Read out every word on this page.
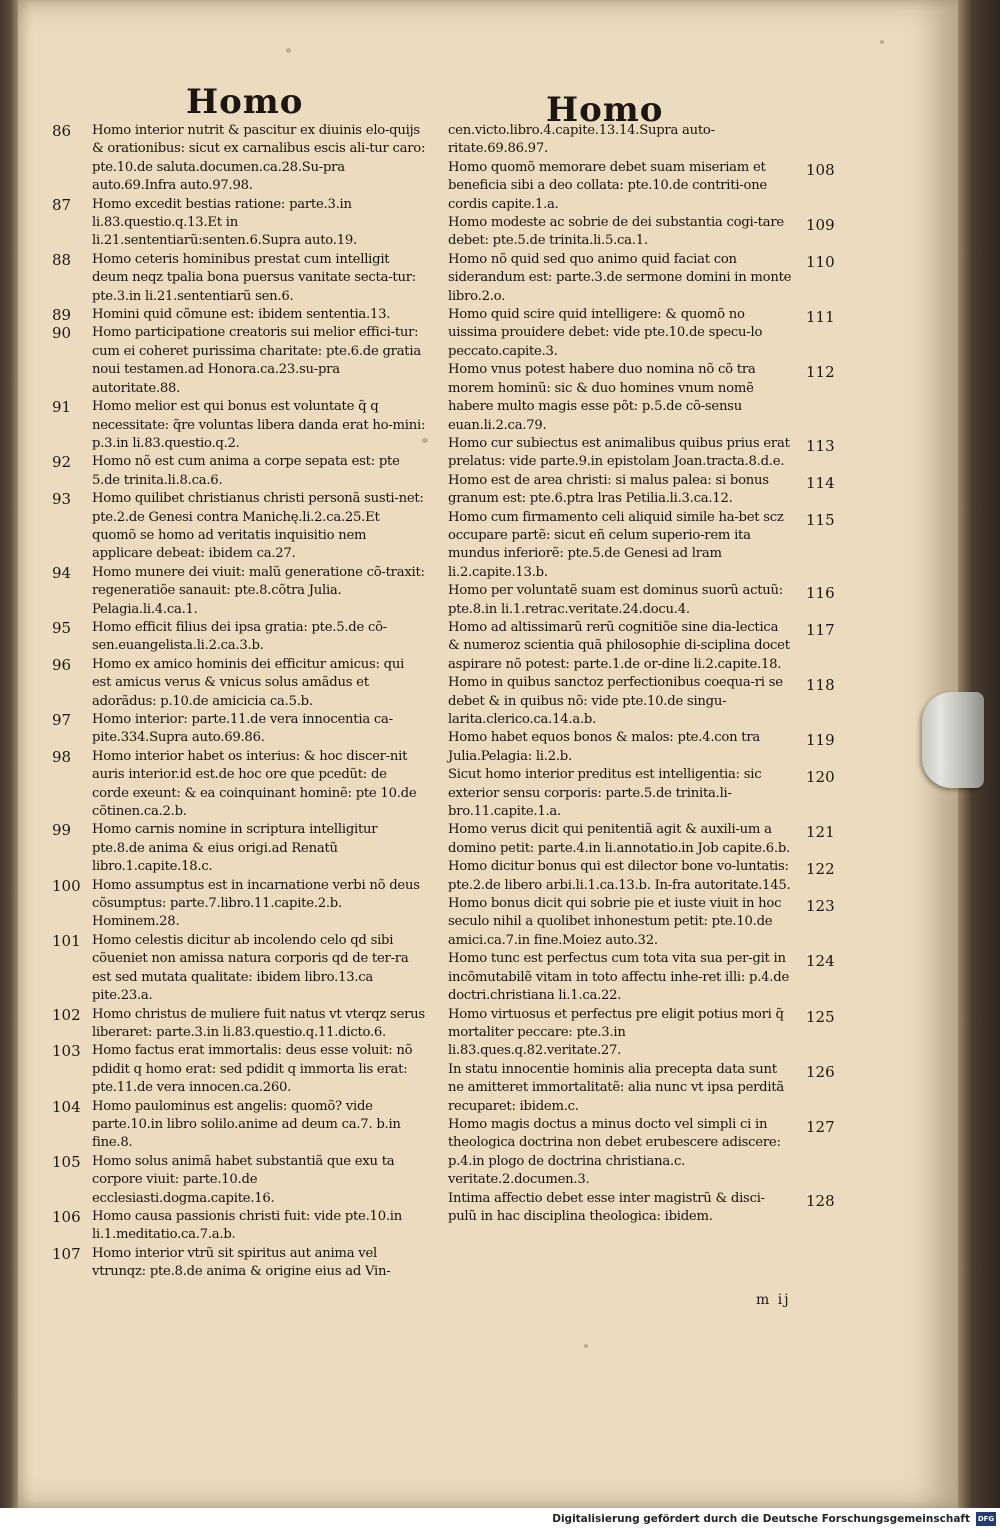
Homo	Homo
86 Homo interior nutrit & pascitur ex diuinis elo-quijs & orationibus: sicut ex carnalibus escis ali-tur caro: pte.10.de saluta.documen.ca.28.Su-pra auto.69.Infra auto.97.98.
87 Homo excedit bestias ratione: parte.3.in li.83.questio.q.13.Et in li.21.sententiarũ:senten.6.Supra auto.19.
88 Homo ceteris hominibus prestat cum intelligit deum neqz tpalia bona puersus vanitate secta-tur: pte.3.in li.21.sententiarũ sen.6.
89 Homini quid cõmune est: ibidem sententia.13.
90 Homo participatione creatoris sui melior effici-tur: cum ei coheret purissima charitate: pte.6.de gratia noui testamen.ad Honora.ca.23.su-pra autoritate.88.
91 Homo melior est qui bonus est voluntate q̃ q necessitate: q̃re voluntas libera danda erat ho-mini: p.3.in li.83.questio.q.2.
92 Homo nõ est cum anima a corpe sepata est: pte 5.de trinita.li.8.ca.6.
93 Homo quilibet christianus christi personã susti-net: pte.2.de Genesi contra Manichę.li.2.ca.25.Et quomõ se homo ad veritatis inquisitio nem applicare debeat: ibidem ca.27.
94 Homo munere dei viuit: malũ generatione cõ-traxit: regeneratiõe sanauit: pte.8.cõtra Julia. Pelagia.li.4.ca.1.
95 Homo efficit filius dei ipsa gratia: pte.5.de cõ-sen.euangelista.li.2.ca.3.b.
96 Homo ex amico hominis dei efficitur amicus: qui est amicus verus & vnicus solus amãdus et adorãdus: p.10.de amicicia ca.5.b.
97 Homo interior: parte.11.de vera innocentia ca-pite.334.Supra auto.69.86.
98 Homo interior habet os interius: & hoc discer-nit auris interior.id est.de hoc ore que pcedũt: de corde exeunt: & ea coinquinant hominẽ: pte 10.de cõtinen.ca.2.b.
99 Homo carnis nomine in scriptura intelligitur pte.8.de anima & eius origi.ad Renatũ libro.1.capite.18.c.
100 Homo assumptus est in incarnatione verbi nõ deus cõsumptus: parte.7.libro.11.capite.2.b. Hominem.28.
101 Homo celestis dicitur ab incolendo celo qd sibi cõueniet non amissa natura corporis qd de ter-ra est sed mutata qualitate: ibidem libro.13.ca pite.23.a.
102 Homo christus de muliere fuit natus vt vterqz serus liberaret: parte.3.in li.83.questio.q.11.dicto.6.
103 Homo factus erat immortalis: deus esse voluit: nõ pdidit q homo erat: sed pdidit q immorta lis erat: pte.11.de vera innocen.ca.260.
104 Homo paulominus est angelis: quomõ? vide parte.10.in libro solilo.anime ad deum ca.7. b.in fine.8.
105 Homo solus animã habet substantiã que exu ta corpore viuit: parte.10.de ecclesiasti.dogma.capite.16.
106 Homo causa passionis christi fuit: vide pte.10.in li.1.meditatio.ca.7.a.b.
107 Homo interior vtrũ sit spiritus aut anima vel vtrunqz: pte.8.de anima & origine eius ad Vin-
cen.victo.libro.4.capite.13.14.Supra auto-ritate.69.86.97.
108
Homo quomõ memorare debet suam miseriam et beneficia sibi a deo collata: pte.10.de contriti-one cordis capite.1.a.
109
Homo modeste ac sobrie de dei substantia cogi-tare debet: pte.5.de trinita.li.5.ca.1.
110
Homo nõ quid sed quo animo quid faciat con siderandum est: parte.3.de sermone domini in monte libro.2.o.
111
Homo quid scire quid intelligere: & quomõ no uissima prouidere debet: vide pte.10.de specu-lo peccato.capite.3.
112
Homo vnus potest habere duo nomina nõ cõ tra morem hominũ: sic & duo homines vnum nomẽ habere multo magis esse põt: p.5.de cõ-sensu euan.li.2.ca.79.
113
Homo cur subiectus est animalibus quibus prius erat prelatus: vide parte.9.in epistolam Joan.tracta.8.d.e.
114
Homo est de area christi: si malus palea: si bonus granum est: pte.6.ptra lras Petilia.li.3.ca.12.
115
Homo cum firmamento celi aliquid simile ha-bet scz occupare partẽ: sicut eñ celum superio-rem ita mundus inferiorẽ: pte.5.de Genesi ad lram li.2.capite.13.b.
116
Homo per voluntatẽ suam est dominus suorũ actuũ: pte.8.in li.1.retrac.veritate.24.docu.4.
117
Homo ad altissimarũ rerũ cognitiõe sine dia-lectica & numeroz scientia quã philosophie di-sciplina docet aspirare nõ potest: parte.1.de or-dine li.2.capite.18.
118
Homo in quibus sanctoz perfectionibus coequa-ri se debet & in quibus nõ: vide pte.10.de singu-larita.clerico.ca.14.a.b.
119
Homo habet equos bonos & malos: pte.4.con tra Julia.Pelagia: li.2.b.
120
Sicut homo interior preditus est intelligentia: sic exterior sensu corporis: parte.5.de trinita.li-bro.11.capite.1.a.
121
Homo verus dicit qui penitentiã agit & auxili-um a domino petit: parte.4.in li.annotatio.in Job capite.6.b.
122
Homo dicitur bonus qui est dilector bone vo-luntatis: pte.2.de libero arbi.li.1.ca.13.b. In-fra autoritate.145.
123
Homo bonus dicit qui sobrie pie et iuste viuit in hoc seculo nihil a quolibet inhonestum petit: pte.10.de amici.ca.7.in fine.Moiez auto.32.
124
Homo tunc est perfectus cum tota vita sua per-git in incõmutabilẽ vitam in toto affectu inhe-ret illi: p.4.de doctri.christiana li.1.ca.22.
125
Homo virtuosus et perfectus pre eligit potius mori q̃ mortaliter peccare: pte.3.in li.83.ques.q.82.veritate.27.
126
In statu innocentie hominis alia precepta data sunt ne amitteret immortalitatẽ: alia nunc vt ipsa perditã recuparet: ibidem.c.
127
Homo magis doctus a minus docto vel simpli ci in theologica doctrina non debet erubescere adiscere: p.4.in plogo de doctrina christiana.c. veritate.2.documen.3.
128
Intima affectio debet esse inter magistrũ & disci-pulũ in hac disciplina theologica: ibidem.
m ij
Digitalisierung gefördert durch die Deutsche Forschungsgemeinschaft DFG
